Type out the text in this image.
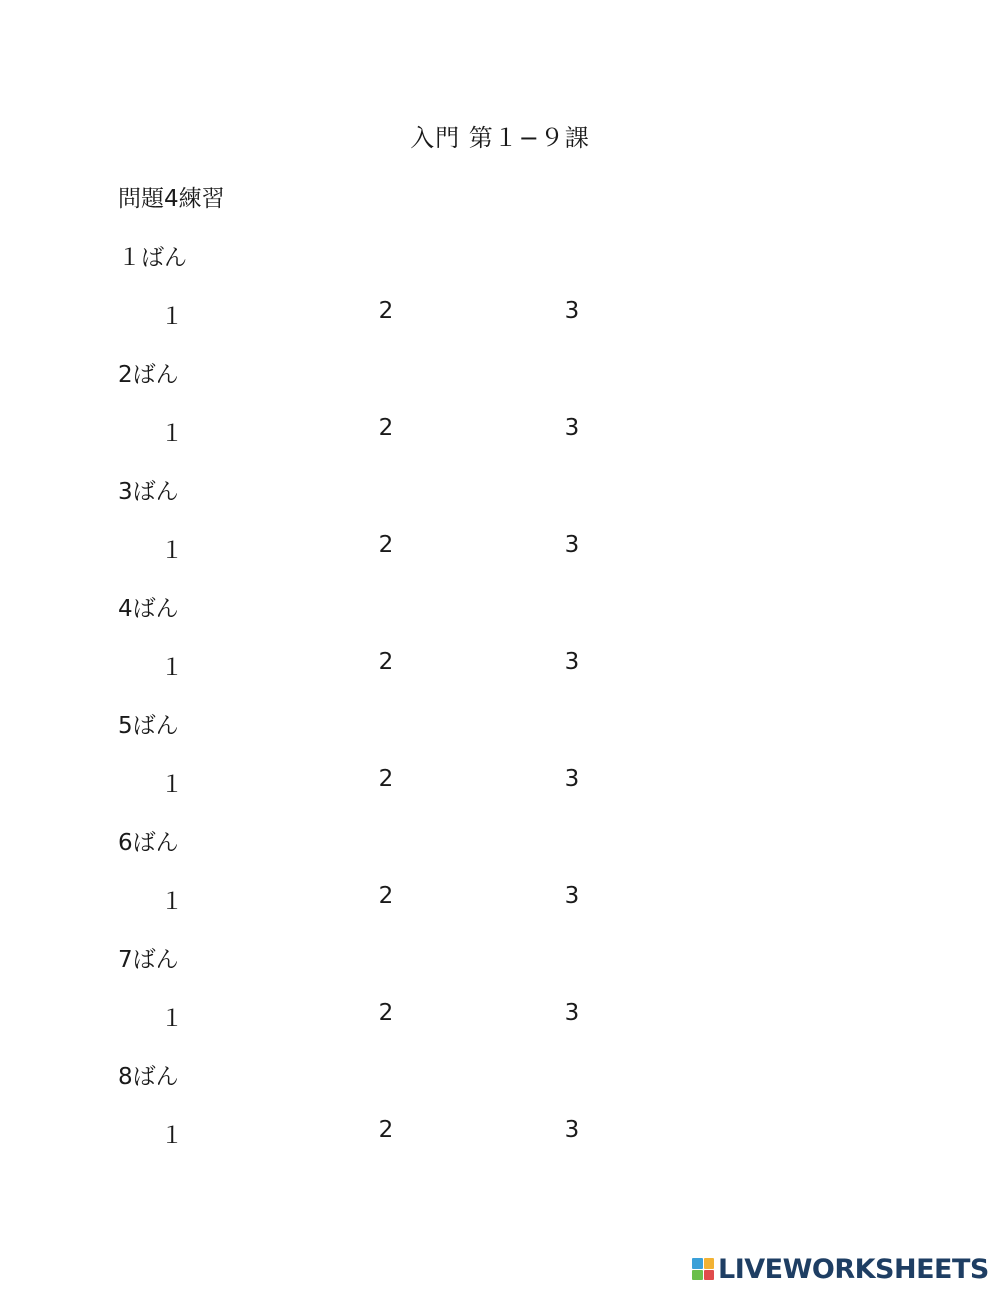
入門 第１−９課
問題4練習
１ばん
１	2	3
2ばん
１	2	3
3ばん
１	2	3
4ばん
１	2	3
5ばん
１	2	3
6ばん
１	2	3
7ばん
１	2	3
8ばん
１	2	3
LIVEWORKSHEETS
